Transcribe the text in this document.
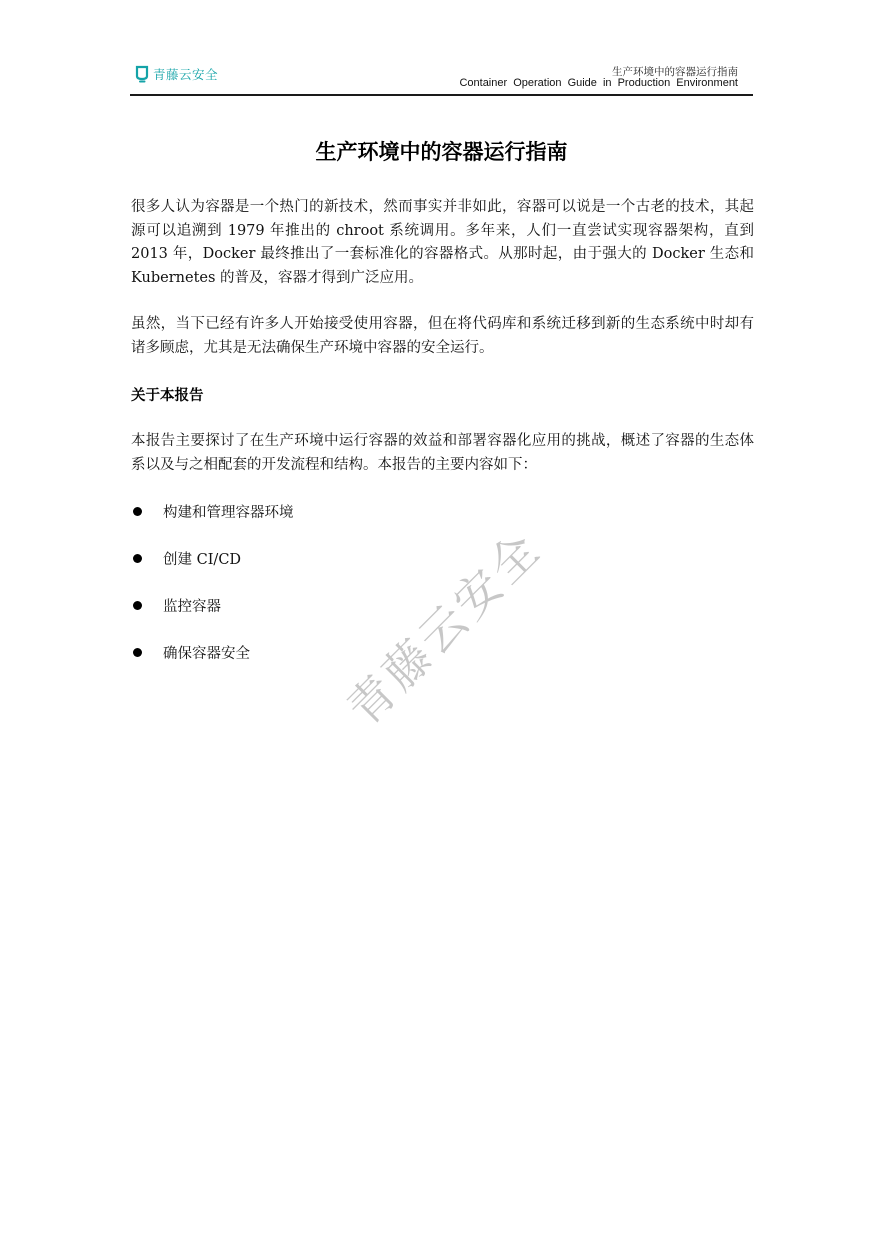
青藤云安全	生产环境中的容器运行指南
Container Operation Guide in Production Environment
生产环境中的容器运行指南

很多人认为容器是一个热门的新技术，然而事实并非如此，容器可以说是一个古老的技术，其起源可以追溯到 1979 年推出的 chroot 系统调用。多年来，人们一直尝试实现容器架构，直到 2013 年，Docker 最终推出了一套标准化的容器格式。从那时起，由于强大的 Docker 生态和 Kubernetes 的普及，容器才得到广泛应用。

虽然，当下已经有许多人开始接受使用容器，但在将代码库和系统迁移到新的生态系统中时却有诸多顾虑，尤其是无法确保生产环境中容器的安全运行。

关于本报告

本报告主要探讨了在生产环境中运行容器的效益和部署容器化应用的挑战，概述了容器的生态体系以及与之相配套的开发流程和结构。本报告的主要内容如下：

构建和管理容器环境
创建 CI/CD
监控容器
确保容器安全 青藤云安全
